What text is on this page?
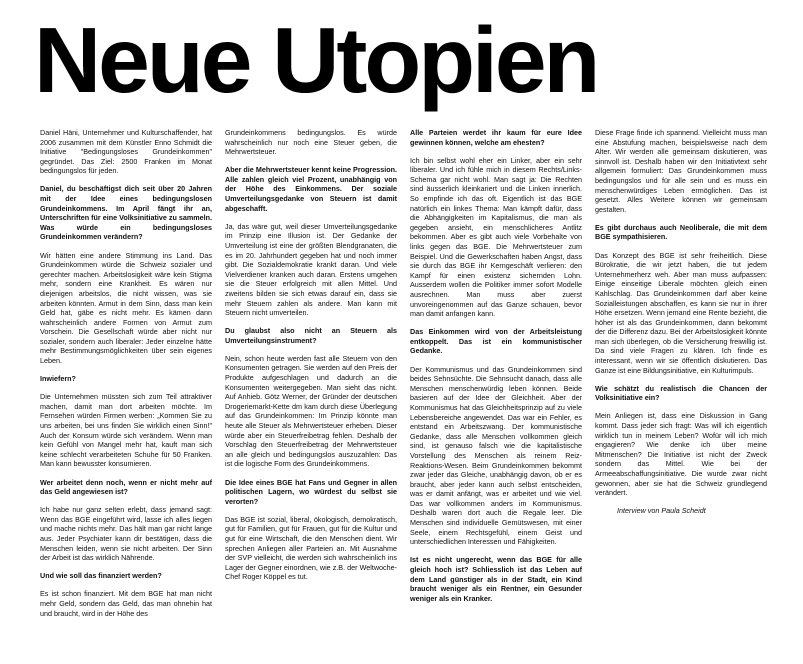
Neue Utopien

Daniel Häni, Unternehmer und Kulturschaffender, hat 2006 zusammen mit dem Künstler Enno Schmidt die Initiative "Bedingungsloses Grundeinkommen" gegründet. Das Ziel: 2500 Franken im Monat bedingungslos für jeden.

Daniel, du beschäftigst dich seit über 20 Jahren mit der Idee eines bedingungslosen Grundeinkommens. Im April fängt ihr an, Unterschriften für eine Volksinitiative zu sammeln. Was würde ein bedingungsloses Grundeinkommen verändern?

Wir hätten eine andere Stimmung ins Land. Das Grundeinkommen würde die Schweiz sozialer und gerechter machen. Arbeitslosigkeit wäre kein Stigma mehr, sondern eine Krankheit. Es wären nur diejenigen arbeitslos, die nicht wissen, was sie arbeiten könnten. Armut in dem Sinn, dass man kein Geld hat, gäbe es nicht mehr. Es kämen dann wahrscheinlich andere Formen von Armut zum Vorschein. Die Gesellschaft würde aber nicht nur sozialer, sondern auch liberaler: Jeder einzelne hätte mehr Bestimmungsmöglichkeiten über sein eigenes Leben.

Inwiefern?

Die Unternehmen müssten sich zum Teil attraktiver machen, damit man dort arbeiten möchte. Im Fernsehen würden Firmen werben: „Kommen Sie zu uns arbeiten, bei uns finden Sie wirklich einen Sinn!" Auch der Konsum würde sich verändern. Wenn man kein Gefühl von Mangel mehr hat, kauft man sich keine schlecht verarbeiteten Schuhe für 50 Franken. Man kann bewusster konsumieren.

Wer arbeitet denn noch, wenn er nicht mehr auf das Geld angewiesen ist?

Ich habe nur ganz selten erlebt, dass jemand sagt: Wenn das BGE eingeführt wird, lasse ich alles liegen und mache nichts mehr. Das hält man gar nicht lange aus. Jeder Psychiater kann dir bestätigen, dass die Menschen leiden, wenn sie nicht arbeiten. Der Sinn der Arbeit ist das wirklich Nährende.

Und wie soll das finanziert werden?

Es ist schon finanziert. Mit dem BGE hat man nicht mehr Geld, sondern das Geld, das man ohnehin hat und braucht, wird in der Höhe des

Grundeinkommens bedingungslos. Es würde wahrscheinlich nur noch eine Steuer geben, die Mehrwertsteuer.

Aber die Mehrwertsteuer kennt keine Progression. Alle zahlen gleich viel Prozent, unabhängig von der Höhe des Einkommens. Der soziale Umverteilungsgedanke von Steuern ist damit abgeschafft.

Ja, das wäre gut, weil dieser Umverteilungsgedanke im Prinzip eine Illusion ist. Der Gedanke der Umverteilung ist eine der größten Blendgranaten, die es im 20. Jahrhundert gegeben hat und noch immer gibt. Die Sozialdemokratie krankt daran. Und viele Vielverdiener kranken auch daran. Erstens umgehen sie die Steuer erfolgreich mit allen Mittel. Und zweitens bilden sie sich etwas darauf ein, dass sie mehr Steuern zahlen als andere. Man kann mit Steuern nicht umverteilen.

Du glaubst also nicht an Steuern als Umverteilungsinstrument?

Nein, schon heute werden fast alle Steuern von den Konsumenten getragen. Sie werden auf den Preis der Produkte aufgeschlagen und dadurch an die Konsumenten weitergegeben. Man sieht das nicht. Auf Anhieb. Götz Werner, der Gründer der deutschen Drogeriemarkt-Kette dm kam durch diese Überlegung auf das Grundeinkommen: Im Prinzip könnte man heute alle Steuer als Mehrwertsteuer erheben. Dieser würde aber ein Steuerfreibetrag fehlen. Deshalb der Vorschlag den Steuerfreibetrag der Mehrwertsteuer an alle gleich und bedingungslos auszuzahlen: Das ist die logische Form des Grundeinkommens.

Die Idee eines BGE hat Fans und Gegner in allen politischen Lagern, wo würdest du selbst sie verorten?

Das BGE ist sozial, liberal, ökologisch, demokratisch, gut für Familien, gut für Frauen, gut für die Kultur und gut für eine Wirtschaft, die den Menschen dient. Wir sprechen Anliegen aller Parteien an. Mit Ausnahme der SVP vielleicht, die werden sich wahrscheinlich ins Lager der Gegner einordnen, wie z.B. der Weltwoche-Chef Roger Köppel es tut.

Alle Parteien werdet ihr kaum für eure Idee gewinnen können, welche am ehesten?

Ich bin selbst wohl eher ein Linker, aber ein sehr liberaler. Und ich fühle mich in diesem Rechts/Links-Schema gar nicht wohl. Man sagt ja: Die Rechten sind äusserlich kleinkariert und die Linken innerlich. So empfinde ich das oft. Eigentlich ist das BGE natürlich ein linkes Thema: Man kämpft dafür, dass die Abhängigkeiten im Kapitalismus, die man als gegeben ansieht, ein menschlicheres Antlitz bekommen. Aber es gibt auch viele Vorbehalte von links gegen das BGE. Die Mehrwertsteuer zum Beispiel. Und die Gewerkschaften haben Angst, dass sie durch das BGE ihr Kerngeschäft verlieren: den Kampf für einen existenz sichernden Lohn. Ausserdem wollen die Politiker immer sofort Modelle ausrechnen. Man muss aber zuerst unvoreingenommen auf das Ganze schauen, bevor man damit anfangen kann.

Das Einkommen wird von der Arbeitsleistung entkoppelt. Das ist ein kommunistischer Gedanke.

Der Kommunismus und das Grundeinkommen sind beides Sehnsüchte. Die Sehnsucht danach, dass alle Menschen menschenwürdig leben können. Beide basieren auf der Idee der Gleichheit. Aber der Kommunismus hat das Gleichheitsprinzip auf zu viele Lebensbereiche angewendet. Das war ein Fehler, es entstand ein Arbeitszwang. Der kommunistische Gedanke, dass alle Menschen vollkommen gleich sind, ist genauso falsch wie die kapitalistische Vorstellung des Menschen als reinem Reiz-Reaktions-Wesen. Beim Grundeinkommen bekommt zwar jeder das Gleiche, unabhängig davon, ob er es braucht, aber jeder kann auch selbst entscheiden, was er damit anfängt, was er arbeitet und wie viel. Das war vollkommen anders im Kommunismus. Deshalb waren dort auch die Regale leer. Die Menschen sind individuelle Gemütswesen, mit einer Seele, einem Rechtsgefühl, einem Geist und unterschiedlichen Interessen und Fähigkeiten.

Ist es nicht ungerecht, wenn das BGE für alle gleich hoch ist? Schliesslich ist das Leben auf dem Land günstiger als in der Stadt, ein Kind braucht weniger als ein Rentner, ein Gesunder weniger als ein Kranker.

Diese Frage finde ich spannend. Vielleicht muss man eine Abstufung machen, beispielsweise nach dem Alter. Wir werden alle gemeinsam diskutieren, was sinnvoll ist. Deshalb haben wir den Initiativtext sehr allgemein formuliert: Das Grundeinkommen muss bedingungslos und für alle sein und es muss ein menschenwürdiges Leben ermöglichen. Das ist gesetzt. Alles Weitere können wir gemeinsam gestalten.

Es gibt durchaus auch Neoliberale, die mit dem BGE sympathisieren.

Das Konzept des BGE ist sehr freiheitlich. Diese Bürokratie, die wir jetzt haben, die tut jedem Unternehmerherz weh. Aber man muss aufpassen: Einige einseitige Liberale möchten gleich einen Kahlschlag. Das Grundeinkommen darf aber keine Sozialleistungen abschaffen, es kann sie nur in ihrer Höhe ersetzen. Wenn jemand eine Rente bezieht, die höher ist als das Grundeinkommen, dann bekommt der die Differenz dazu. Bei der Arbeitslosigkeit könnte man sich überlegen, ob die Versicherung freiwillig ist. Da sind viele Fragen zu klären. Ich finde es interessant, wenn wir sie öffentlich diskutieren. Das Ganze ist eine Bildungsinitiative, ein Kulturimpuls.

Wie schätzt du realistisch die Chancen der Volksinitiative ein?

Mein Anliegen ist, dass eine Diskussion in Gang kommt. Dass jeder sich fragt: Was will ich eigentlich wirklich tun in meinem Leben? Wofür will ich mich engagieren? Wie denke ich über meine Mitmenschen? Die Initiative ist nicht der Zweck sondern das Mittel. Wie bei der Armeeabschaffungsinitiative. Die wurde zwar nicht gewonnen, aber sie hat die Schweiz grundlegend verändert.

Interview von Paula Scheidt
